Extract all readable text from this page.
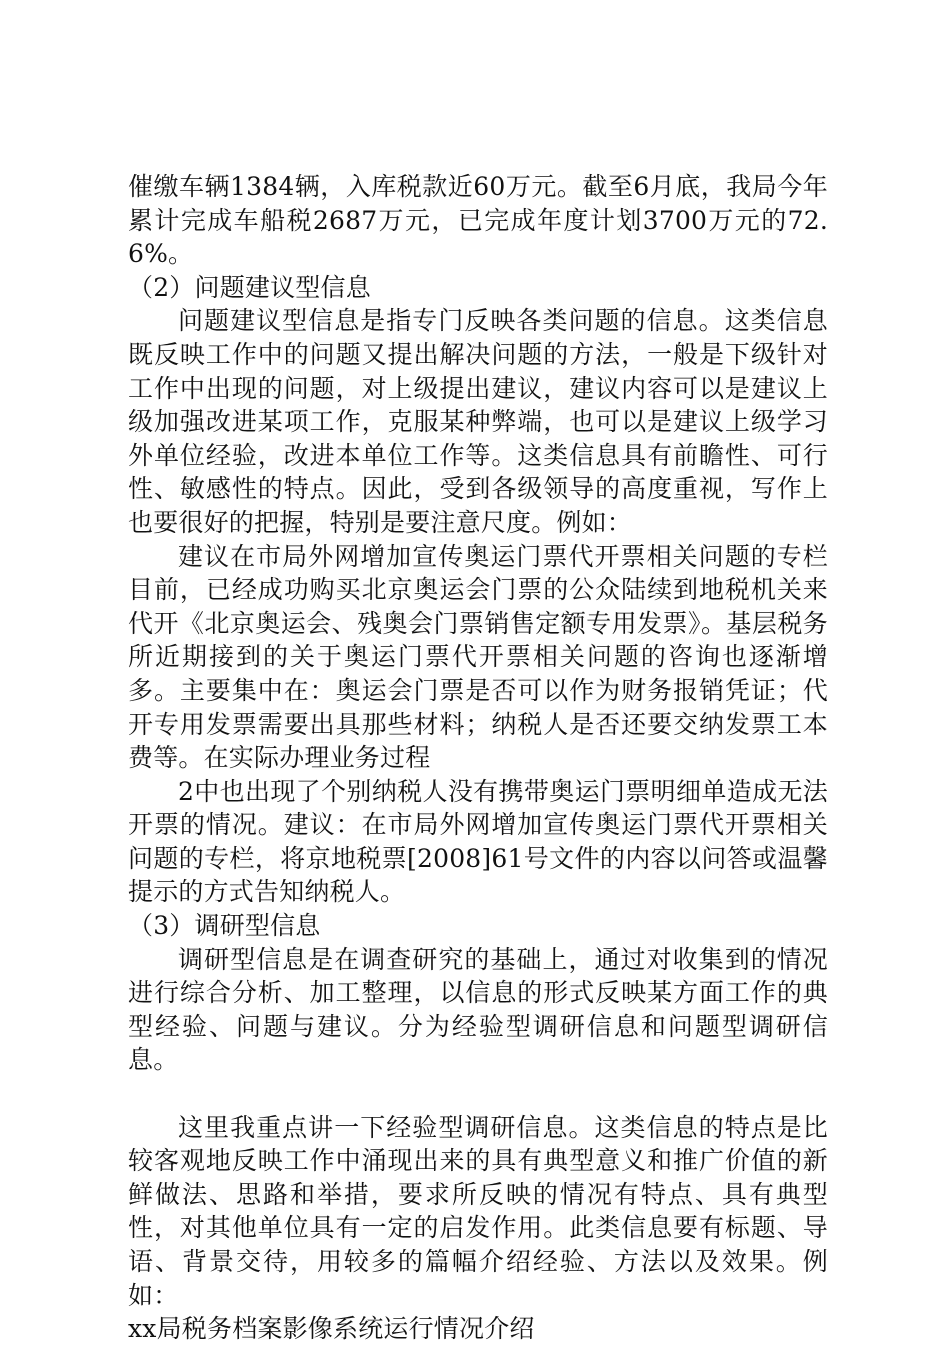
催缴车辆1384辆，入库税款近60万元。截至6月底，我局今年累计完成车船税2687万元，已完成年度计划3700万元的72.6%。

（2）问题建议型信息

问题建议型信息是指专门反映各类问题的信息。这类信息既反映工作中的问题又提出解决问题的方法，一般是下级针对工作中出现的问题，对上级提出建议，建议内容可以是建议上级加强改进某项工作，克服某种弊端，也可以是建议上级学习外单位经验，改进本单位工作等。这类信息具有前瞻性、可行性、敏感性的特点。因此，受到各级领导的高度重视，写作上也要很好的把握，特别是要注意尺度。例如：

建议在市局外网增加宣传奥运门票代开票相关问题的专栏目前，已经成功购买北京奥运会门票的公众陆续到地税机关来代开《北京奥运会、残奥会门票销售定额专用发票》。基层税务所近期接到的关于奥运门票代开票相关问题的咨询也逐渐增多。主要集中在：奥运会门票是否可以作为财务报销凭证；代开专用发票需要出具那些材料；纳税人是否还要交纳发票工本费等。在实际办理业务过程

2中也出现了个别纳税人没有携带奥运门票明细单造成无法开票的情况。建议：在市局外网增加宣传奥运门票代开票相关问题的专栏，将京地税票[2008]61号文件的内容以问答或温馨提示的方式告知纳税人。

（3）调研型信息

调研型信息是在调查研究的基础上，通过对收集到的情况进行综合分析、加工整理，以信息的形式反映某方面工作的典型经验、问题与建议。分为经验型调研信息和问题型调研信息。

这里我重点讲一下经验型调研信息。这类信息的特点是比较客观地反映工作中涌现出来的具有典型意义和推广价值的新鲜做法、思路和举措，要求所反映的情况有特点、具有典型性，对其他单位具有一定的启发作用。此类信息要有标题、导语、背景交待，用较多的篇幅介绍经验、方法以及效果。例如：

xx局税务档案影像系统运行情况介绍
